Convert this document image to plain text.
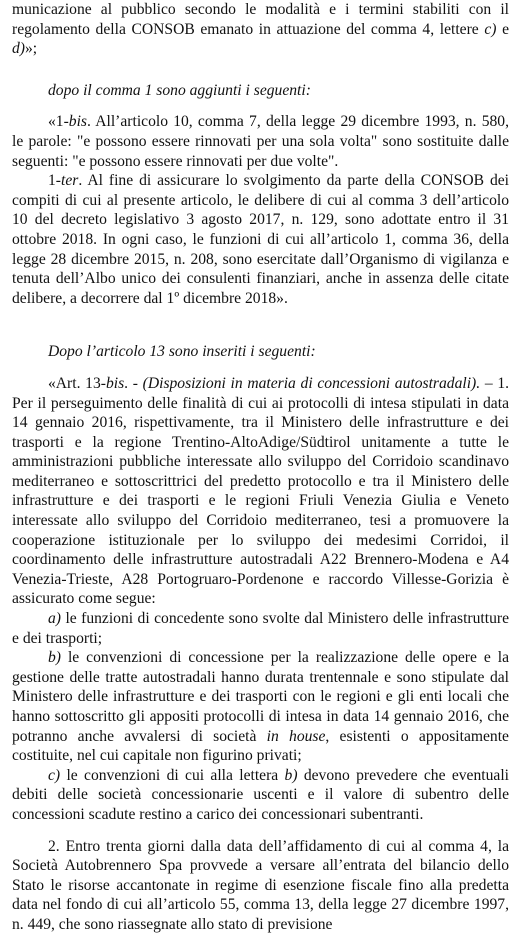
municazione al pubblico secondo le modalità e i termini stabiliti con il regolamento della CONSOB emanato in attuazione del comma 4, lettere c) e d)»;

dopo il comma 1 sono aggiunti i seguenti:

«1-bis. All’articolo 10, comma 7, della legge 29 dicembre 1993, n. 580, le parole: "e possono essere rinnovati per una sola volta" sono sostituite dalle seguenti: "e possono essere rinnovati per due volte".

1-ter. Al fine di assicurare lo svolgimento da parte della CONSOB dei compiti di cui al presente articolo, le delibere di cui al comma 3 dell’articolo 10 del decreto legislativo 3 agosto 2017, n. 129, sono adottate entro il 31 ottobre 2018. In ogni caso, le funzioni di cui all’articolo 1, comma 36, della legge 28 dicembre 2015, n. 208, sono esercitate dall’Organismo di vigilanza e tenuta dell’Albo unico dei consulenti finanziari, anche in assenza delle citate delibere, a decorrere dal 1º dicembre 2018».

Dopo l’articolo 13 sono inseriti i seguenti:

«Art. 13-bis. - (Disposizioni in materia di concessioni autostradali). – 1. Per il perseguimento delle finalità di cui ai protocolli di intesa stipulati in data 14 gennaio 2016, rispettivamente, tra il Ministero delle infrastrutture e dei trasporti e la regione Trentino-AltoAdige/Südtirol unitamente a tutte le amministrazioni pubbliche interessate allo sviluppo del Corridoio scandinavo mediterraneo e sottoscrittrici del predetto protocollo e tra il Ministero delle infrastrutture e dei trasporti e le regioni Friuli Venezia Giulia e Veneto interessate allo sviluppo del Corridoio mediterraneo, tesi a promuovere la cooperazione istituzionale per lo sviluppo dei medesimi Corridoi, il coordinamento delle infrastrutture autostradali A22 Brennero-Modena e A4 Venezia-Trieste, A28 Portogruaro-Pordenone e raccordo Villesse-Gorizia è assicurato come segue:

a) le funzioni di concedente sono svolte dal Ministero delle infrastrutture e dei trasporti;

b) le convenzioni di concessione per la realizzazione delle opere e la gestione delle tratte autostradali hanno durata trentennale e sono stipulate dal Ministero delle infrastrutture e dei trasporti con le regioni e gli enti locali che hanno sottoscritto gli appositi protocolli di intesa in data 14 gennaio 2016, che potranno anche avvalersi di società in house, esistenti o appositamente costituite, nel cui capitale non figurino privati;

c) le convenzioni di cui alla lettera b) devono prevedere che eventuali debiti delle società concessionarie uscenti e il valore di subentro delle concessioni scadute restino a carico dei concessionari subentranti.

2. Entro trenta giorni dalla data dell’affidamento di cui al comma 4, la Società Autobrennero Spa provvede a versare all’entrata del bilancio dello Stato le risorse accantonate in regime di esenzione fiscale fino alla predetta data nel fondo di cui all’articolo 55, comma 13, della legge 27 dicembre 1997, n. 449, che sono riassegnate allo stato di previsione
